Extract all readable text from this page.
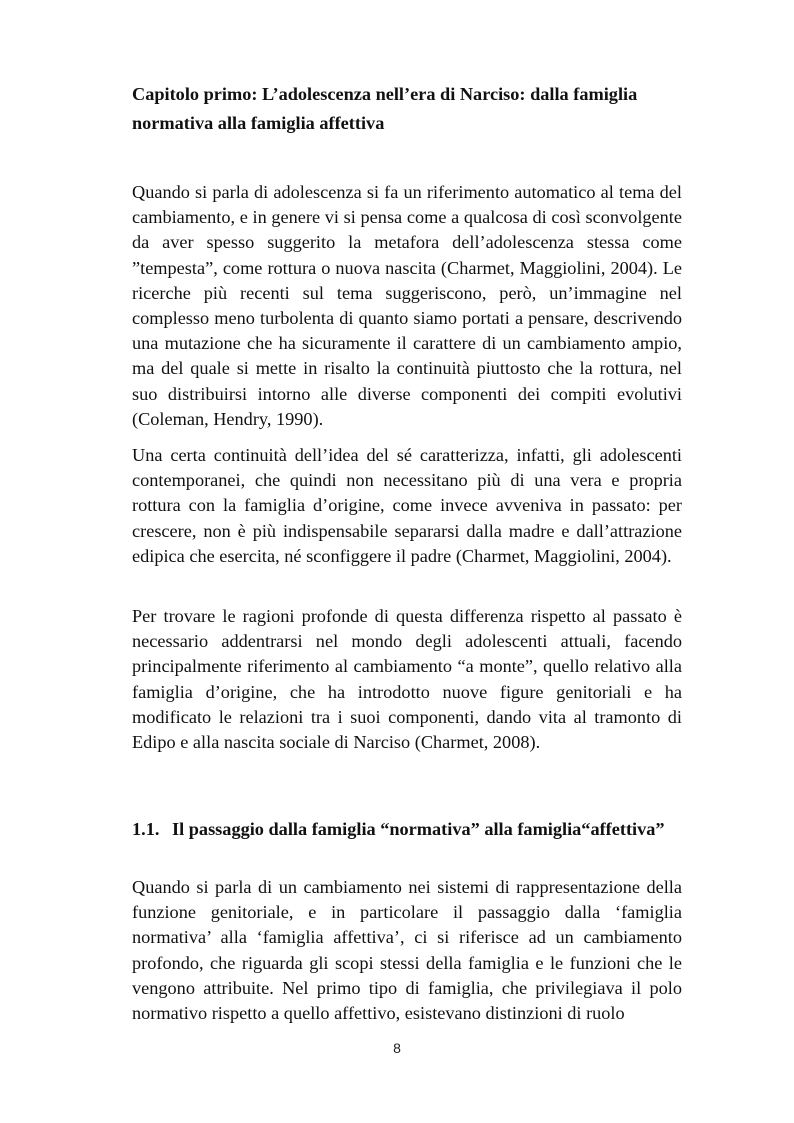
Capitolo primo: L’adolescenza nell’era di Narciso: dalla famiglia normativa alla famiglia affettiva

Quando si parla di adolescenza si fa un riferimento automatico al tema del cambiamento, e in genere vi si pensa come a qualcosa di così sconvolgente da aver spesso suggerito la metafora dell’adolescenza stessa come ”tempesta”, come rottura o nuova nascita (Charmet, Maggiolini, 2004). Le ricerche più recenti sul tema suggeriscono, però, un’immagine nel complesso meno turbolenta di quanto siamo portati a pensare, descrivendo una mutazione che ha sicuramente il carattere di un cambiamento ampio, ma del quale si mette in risalto la continuità piuttosto che la rottura, nel suo distribuirsi intorno alle diverse componenti dei compiti evolutivi (Coleman, Hendry, 1990).

Una certa continuità dell’idea del sé caratterizza, infatti, gli adolescenti contemporanei, che quindi non necessitano più di una vera e propria rottura con la famiglia d’origine, come invece avveniva in passato: per crescere, non è più indispensabile separarsi dalla madre e dall’attrazione edipica che esercita, né sconfiggere il padre (Charmet, Maggiolini, 2004).

Per trovare le ragioni profonde di questa differenza rispetto al passato è necessario addentrarsi nel mondo degli adolescenti attuali, facendo principalmente riferimento al cambiamento “a monte”, quello relativo alla famiglia d’origine, che ha introdotto nuove figure genitoriali e ha modificato le relazioni tra i suoi componenti, dando vita al tramonto di Edipo e alla nascita sociale di Narciso (Charmet, 2008).

1.1. Il passaggio dalla famiglia “normativa” alla famiglia“affettiva”

Quando si parla di un cambiamento nei sistemi di rappresentazione della funzione genitoriale, e in particolare il passaggio dalla ‘famiglia normativa’ alla ‘famiglia affettiva’, ci si riferisce ad un cambiamento profondo, che riguarda gli scopi stessi della famiglia e le funzioni che le vengono attribuite. Nel primo tipo di famiglia, che privilegiava il polo normativo rispetto a quello affettivo, esistevano distinzioni di ruolo

8
